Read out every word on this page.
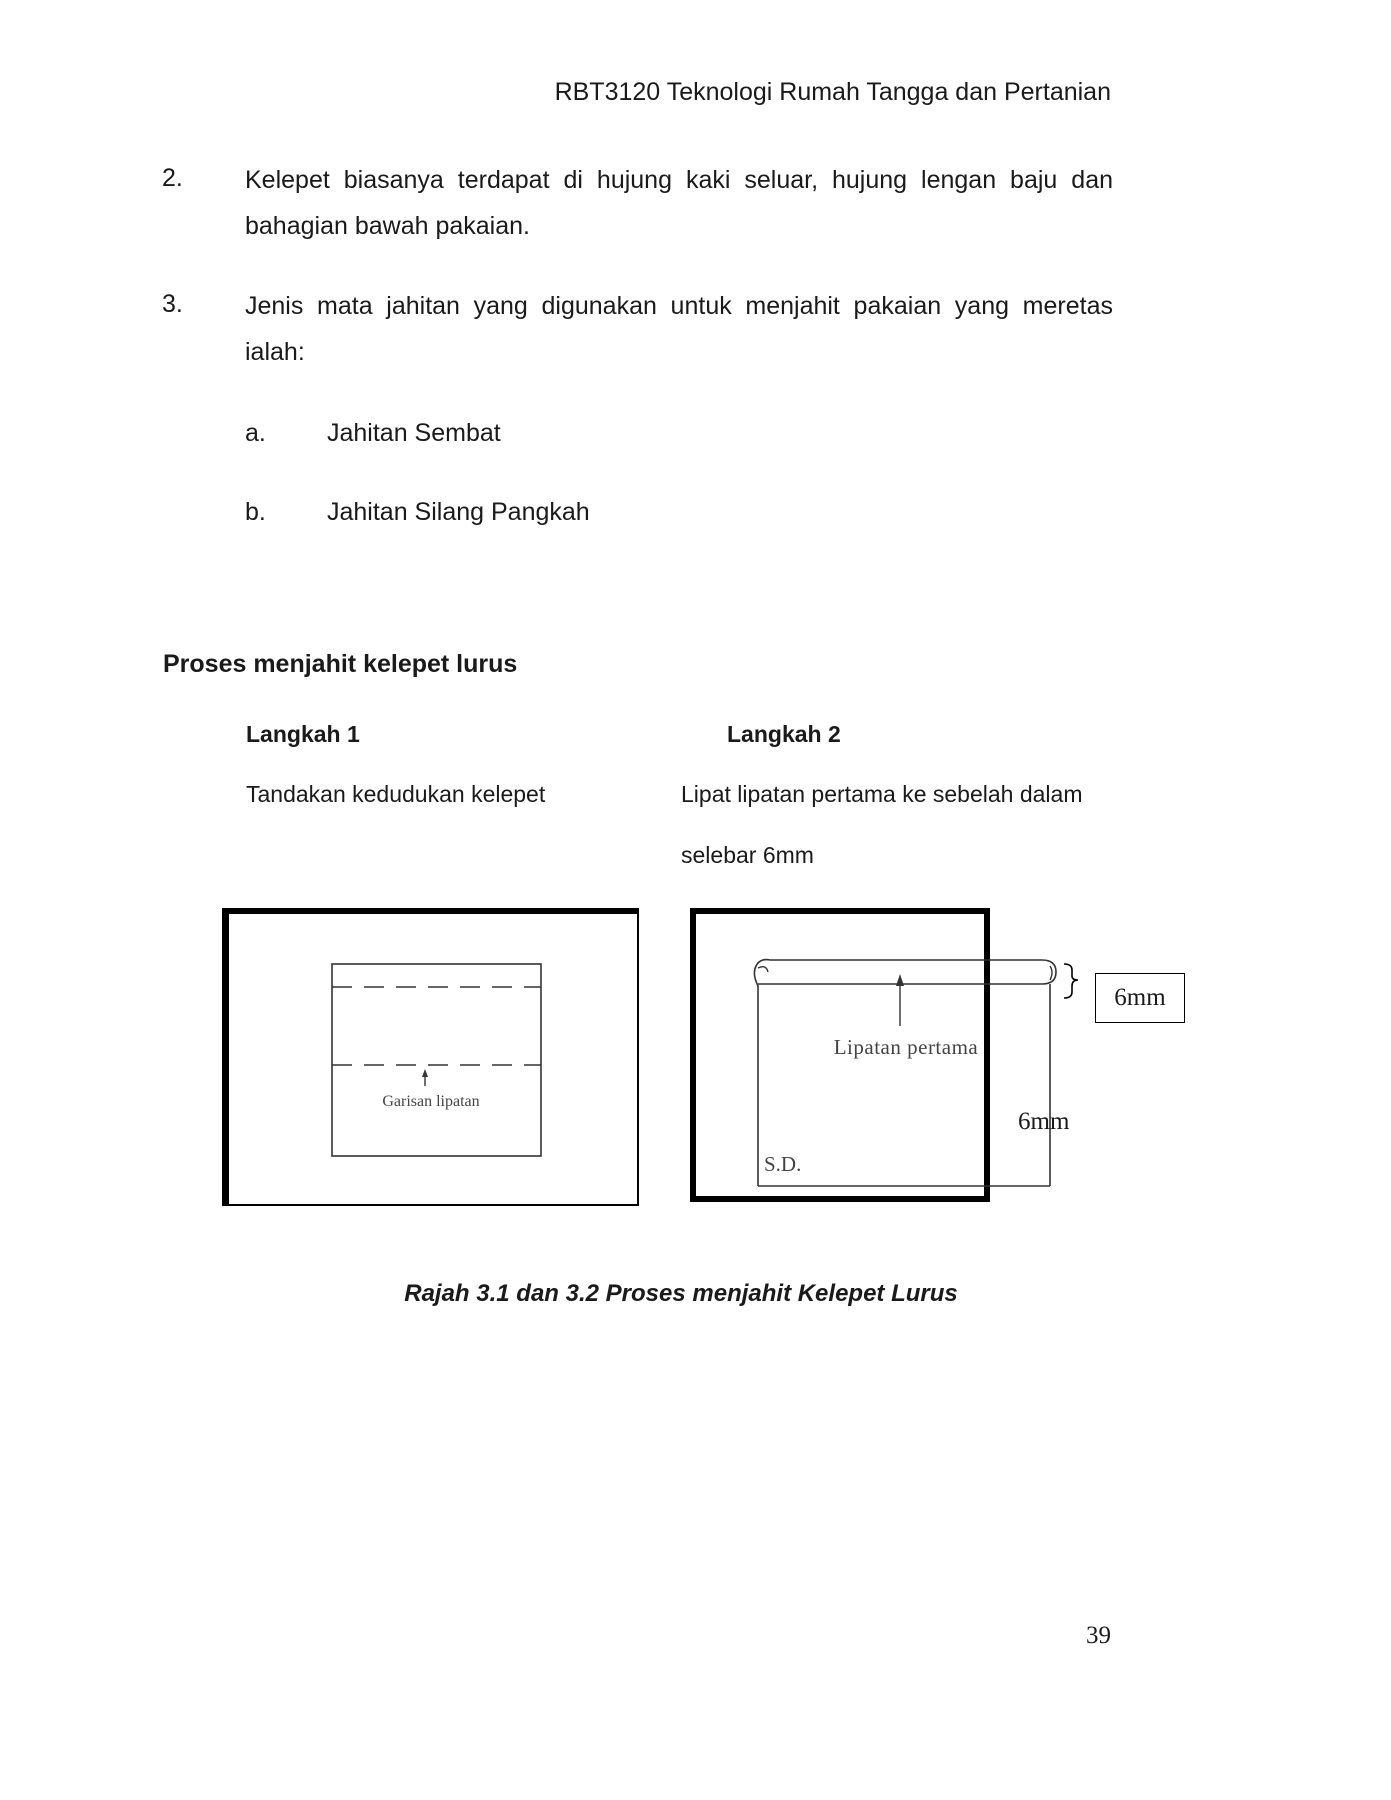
RBT3120 Teknologi Rumah Tangga dan Pertanian
2. Kelepet biasanya terdapat di hujung kaki seluar, hujung lengan baju dan bahagian bawah pakaian.
3. Jenis mata jahitan yang digunakan untuk menjahit pakaian yang meretas ialah:
a. Jahitan Sembat
b. Jahitan Silang Pangkah
Proses menjahit kelepet lurus
Langkah 1	Langkah 2
Tandakan kedudukan kelepet	Lipat lipatan pertama ke sebelah dalam
selebar 6mm
Garisan lipatan
Lipatan pertama
S.D.
6mm
6mm
Rajah 3.1 dan 3.2 Proses menjahit Kelepet Lurus
39
